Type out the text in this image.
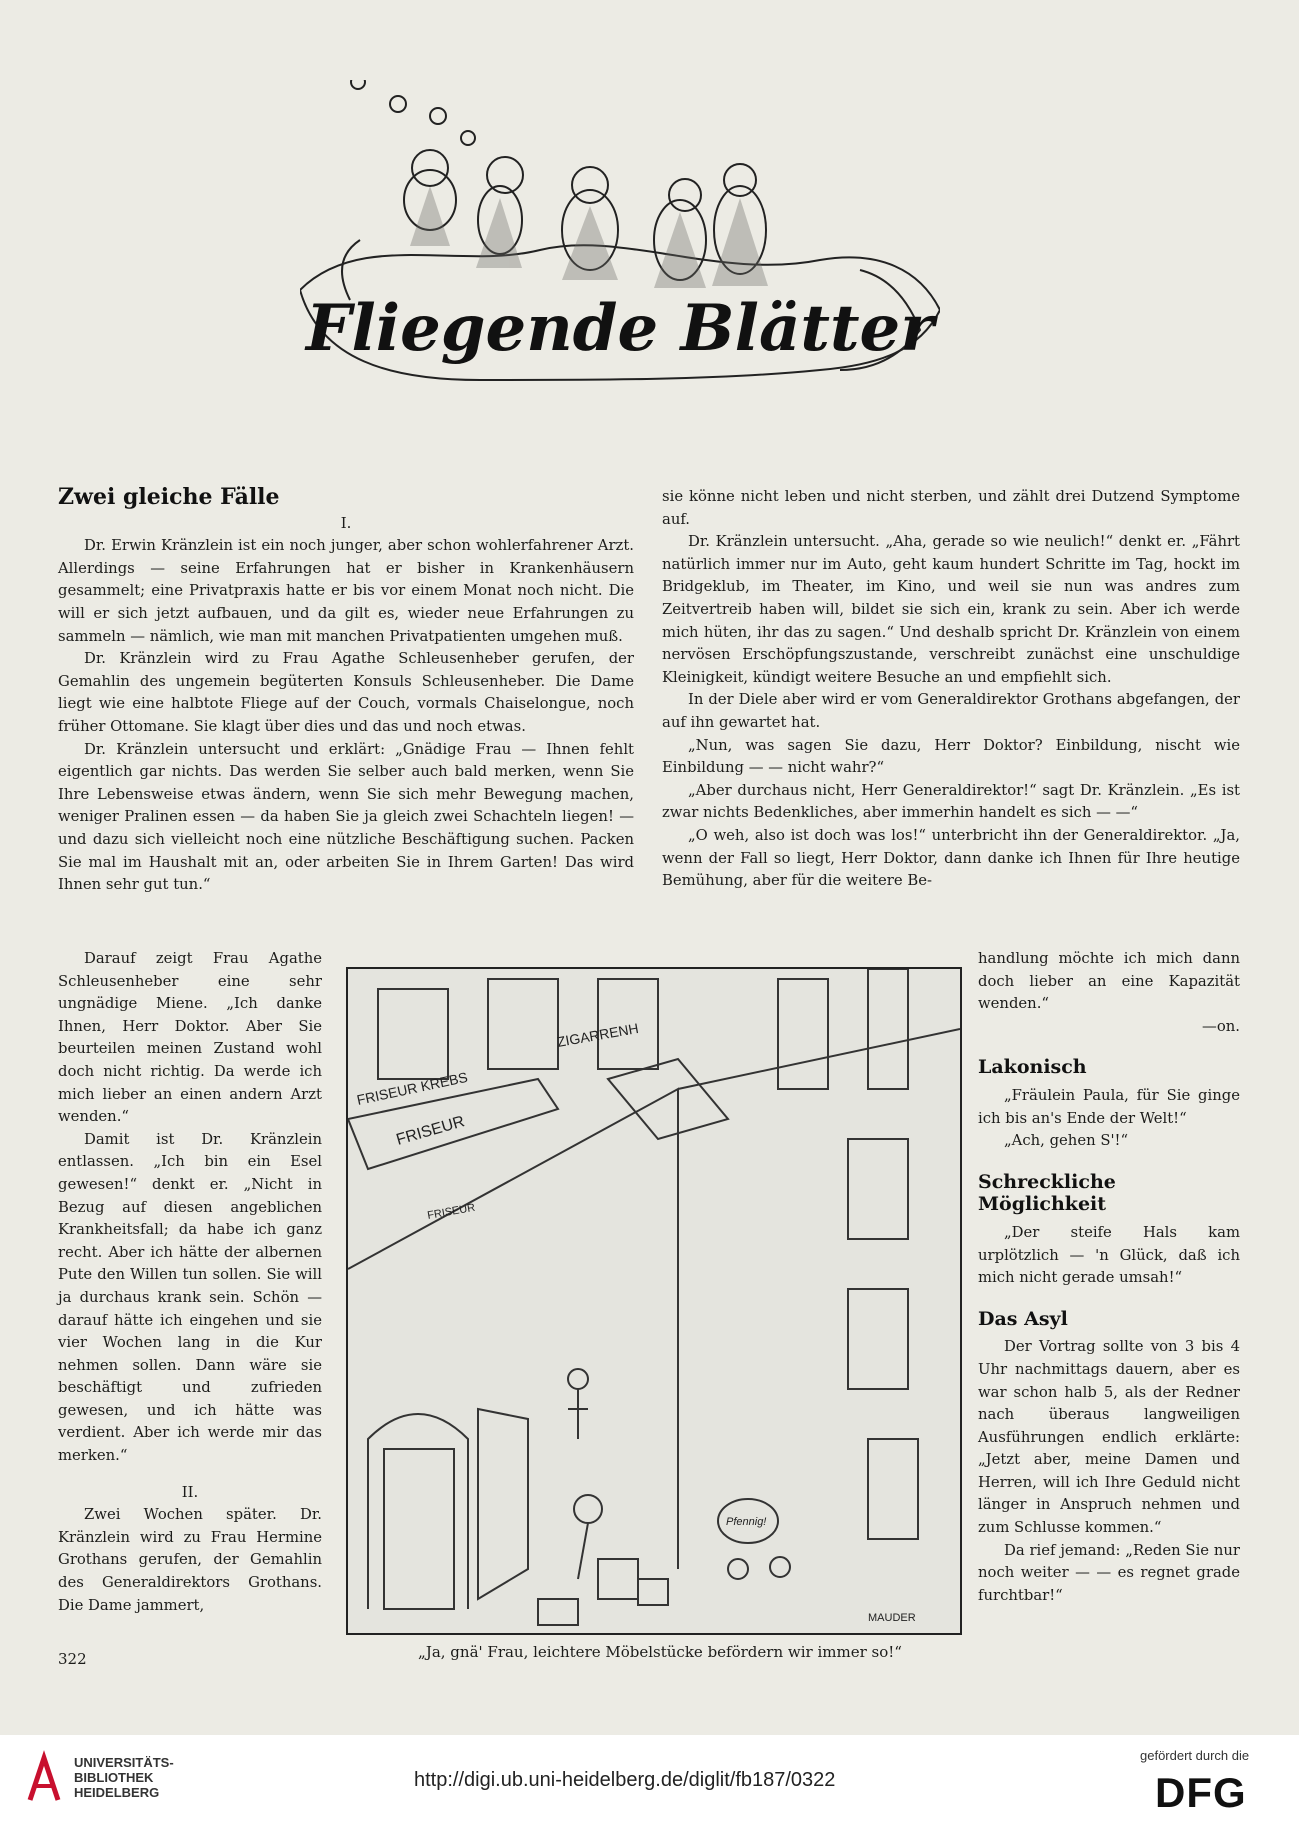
Fliegende Blätter
Zwei gleiche Fälle

I.

Dr. Erwin Kränzlein ist ein noch junger, aber schon wohlerfahrener Arzt. Allerdings — seine Erfahrungen hat er bisher in Krankenhäusern gesammelt; eine Privatpraxis hatte er bis vor einem Monat noch nicht. Die will er sich jetzt aufbauen, und da gilt es, wieder neue Erfahrungen zu sammeln — nämlich, wie man mit manchen Privatpatienten umgehen muß.

Dr. Kränzlein wird zu Frau Agathe Schleusenheber gerufen, der Gemahlin des ungemein begüterten Konsuls Schleusenheber. Die Dame liegt wie eine halbtote Fliege auf der Couch, vormals Chaiselongue, noch früher Ottomane. Sie klagt über dies und das und noch etwas.

Dr. Kränzlein untersucht und erklärt: „Gnädige Frau — Ihnen fehlt eigentlich gar nichts. Das werden Sie selber auch bald merken, wenn Sie Ihre Lebensweise etwas ändern, wenn Sie sich mehr Bewegung machen, weniger Pralinen essen — da haben Sie ja gleich zwei Schachteln liegen! — und dazu sich vielleicht noch eine nützliche Beschäftigung suchen. Packen Sie mal im Haushalt mit an, oder arbeiten Sie in Ihrem Garten! Das wird Ihnen sehr gut tun.“

Darauf zeigt Frau Agathe Schleusenheber eine sehr ungnädige Miene. „Ich danke Ihnen, Herr Doktor. Aber Sie beurteilen meinen Zustand wohl doch nicht richtig. Da werde ich mich lieber an einen andern Arzt wenden.“

Damit ist Dr. Kränzlein entlassen. „Ich bin ein Esel gewesen!“ denkt er. „Nicht in Bezug auf diesen angeblichen Krankheitsfall; da habe ich ganz recht. Aber ich hätte der albernen Pute den Willen tun sollen. Sie will ja durchaus krank sein. Schön — darauf hätte ich eingehen und sie vier Wochen lang in die Kur nehmen sollen. Dann wäre sie beschäftigt und zufrieden gewesen, und ich hätte was verdient. Aber ich werde mir das merken.“

II.

Zwei Wochen später. Dr. Kränzlein wird zu Frau Hermine Grothans gerufen, der Gemahlin des Generaldirektors Grothans. Die Dame jammert,

sie könne nicht leben und nicht sterben, und zählt drei Dutzend Symptome auf.

Dr. Kränzlein untersucht. „Aha, gerade so wie neulich!“ denkt er. „Fährt natürlich immer nur im Auto, geht kaum hundert Schritte im Tag, hockt im Bridgeklub, im Theater, im Kino, und weil sie nun was andres zum Zeitvertreib haben will, bildet sie sich ein, krank zu sein. Aber ich werde mich hüten, ihr das zu sagen.“ Und deshalb spricht Dr. Kränzlein von einem nervösen Erschöpfungszustande, verschreibt zunächst eine unschuldige Kleinigkeit, kündigt weitere Besuche an und empfiehlt sich.

In der Diele aber wird er vom Generaldirektor Grothans abgefangen, der auf ihn gewartet hat.

„Nun, was sagen Sie dazu, Herr Doktor? Einbildung, nischt wie Einbildung — — nicht wahr?“

„Aber durchaus nicht, Herr Generaldirektor!“ sagt Dr. Kränzlein. „Es ist zwar nichts Bedenkliches, aber immerhin handelt es sich — —“

„O weh, also ist doch was los!“ unterbricht ihn der Generaldirektor. „Ja, wenn der Fall so liegt, Herr Doktor, dann danke ich Ihnen für Ihre heutige Bemühung, aber für die weitere Be-

handlung möchte ich mich dann doch lieber an eine Kapazität wenden.“

—on.

Lakonisch

„Fräulein Paula, für Sie ginge ich bis an's Ende der Welt!“

„Ach, gehen S'!“

Schreckliche Möglichkeit

„Der steife Hals kam urplötzlich — 'n Glück, daß ich mich nicht gerade umsah!“

Das Asyl

Der Vortrag sollte von 3 bis 4 Uhr nachmittags dauern, aber es war schon halb 5, als der Redner nach überaus langweiligen Ausführungen endlich erklärte: „Jetzt aber, meine Damen und Herren, will ich Ihre Geduld nicht länger in Anspruch nehmen und zum Schlusse kommen.“

Da rief jemand: „Reden Sie nur noch weiter — — es regnet grade furchtbar!“

FRISEUR KREBS
FRISEUR
ZIGARRENH
FRISEUR
Pfennig!
MAUDER
„Ja, gnä' Frau, leichtere Möbelstücke befördern wir immer so!“
322
UNIVERSITÄTS-
BIBLIOTHEK
HEIDELBERG
http://digi.ub.uni-heidelberg.de/diglit/fb187/0322
gefördert durch die
DFG
